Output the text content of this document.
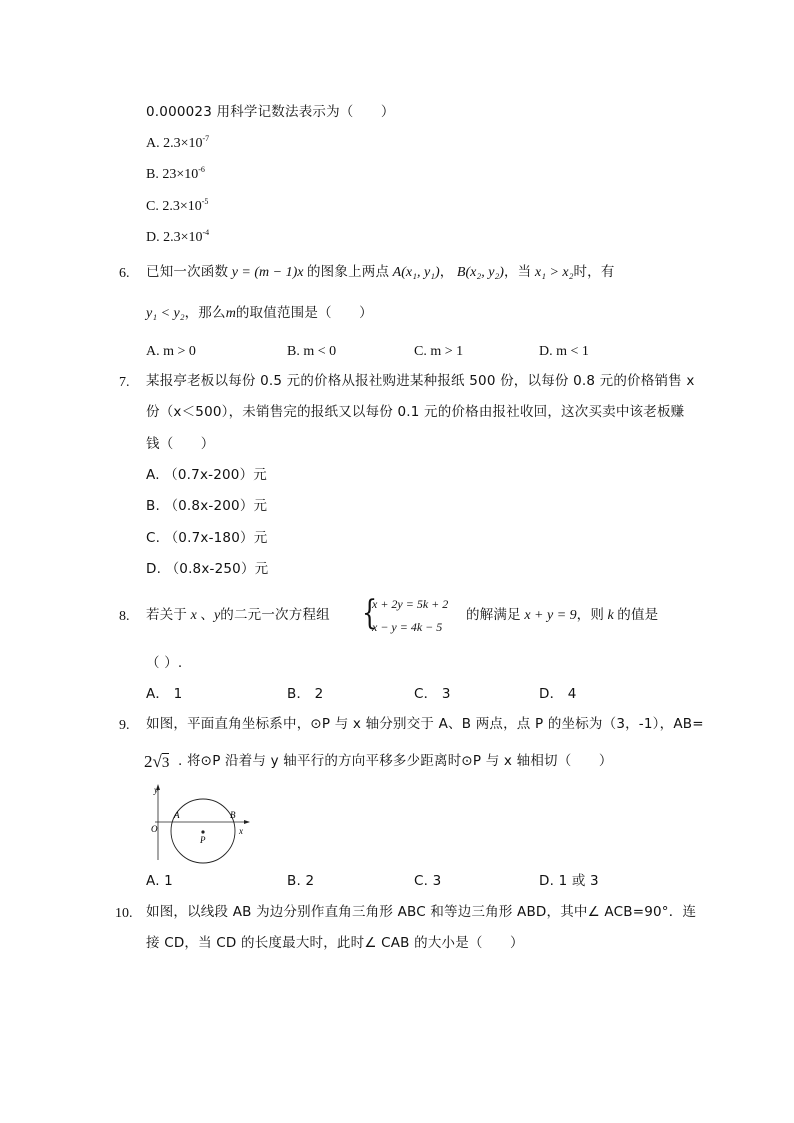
0.000023 用科学记数法表示为（　　）
A. $2.3\times 10^{-7}$
B. $23\times 10^{-6}$
C. $2.3\times 10^{-5}$
D. $2.3\times 10^{-4}$
6. 已知一次函数 y = (m − 1)x 的图象上两点 A(x₁, y₁)， B(x₂, y₂)，当 x₁ > x₂时，有
y₁ < y₂，那么m的取值范围是（　　）
A. m > 0	B. m < 0	C. m > 1	D. m < 1
7. 某报亭老板以每份 0.5 元的价格从报社购进某种报纸 500 份，以每份 0.8 元的价格销售 x
份（x＜500），未销售完的报纸又以每份 0.1 元的价格由报社收回，这次买卖中该老板赚
钱（　　）
A. （0.7x-200）元
B. （0.8x-200）元
C. （0.7x-180）元
D. （0.8x-250）元
8. 若关于 x 、y的二元一次方程组 {
x + 2y = 5k + 2
x − y = 4k − 5
的解满足 x + y = 9，则 k 的值是
（ ）.
A． 1	B． 2	C． 3	D． 4
9. 如图，平面直角坐标系中，⊙P 与 x 轴分别交于 A、B 两点，点 P 的坐标为（3，-1），AB=
2√3 . 将⊙P 沿着与 y 轴平行的方向平移多少距离时⊙P 与 x 轴相切（　　）
y
x
O
A	B
P
A. 1	B. 2	C. 3	D. 1 或 3
10. 如图，以线段 AB 为边分别作直角三角形 ABC 和等边三角形 ABD，其中∠ ACB=90°．连
接 CD，当 CD 的长度最大时，此时∠ CAB 的大小是（　　）
